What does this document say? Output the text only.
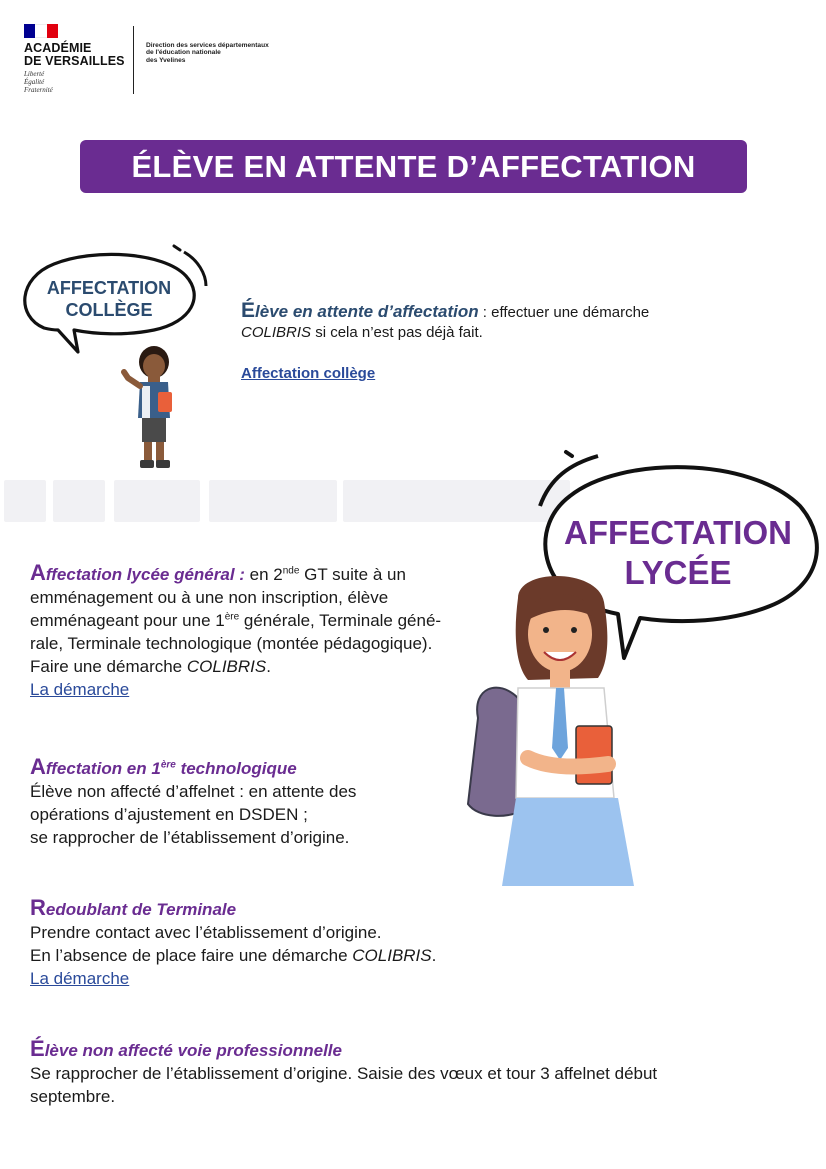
ACADÉMIE
DE VERSAILLES
Liberté
Égalité
Fraternité
Direction des services départementaux
de l'éducation nationale
des Yvelines
ÉLÈVE EN ATTENTE D’AFFECTATION
AFFECTATION
COLLÈGE	Élève en attente d’affectation : effectuer une démarche
COLIBRIS si cela n’est pas déjà fait.
Affectation collège
AFFECTATION
LYCÉE
Affectation lycée général : en 2nde GT suite à un
emménagement ou à une non inscription, élève
emménageant pour une 1ère générale, Terminale géné-
rale, Terminale technologique (montée pédagogique).
Faire une démarche COLIBRIS.
La démarche
Affectation en 1ère technologique
Élève non affecté d’affelnet : en attente des
opérations d’ajustement en DSDEN ;
se rapprocher de l’établissement d’origine.
Redoublant de Terminale
Prendre contact avec l’établissement d’origine.
En l’absence de place faire une démarche COLIBRIS.
La démarche
Élève non affecté voie professionnelle
Se rapprocher de l’établissement d’origine. Saisie des vœux et tour 3 affelnet début
septembre.
